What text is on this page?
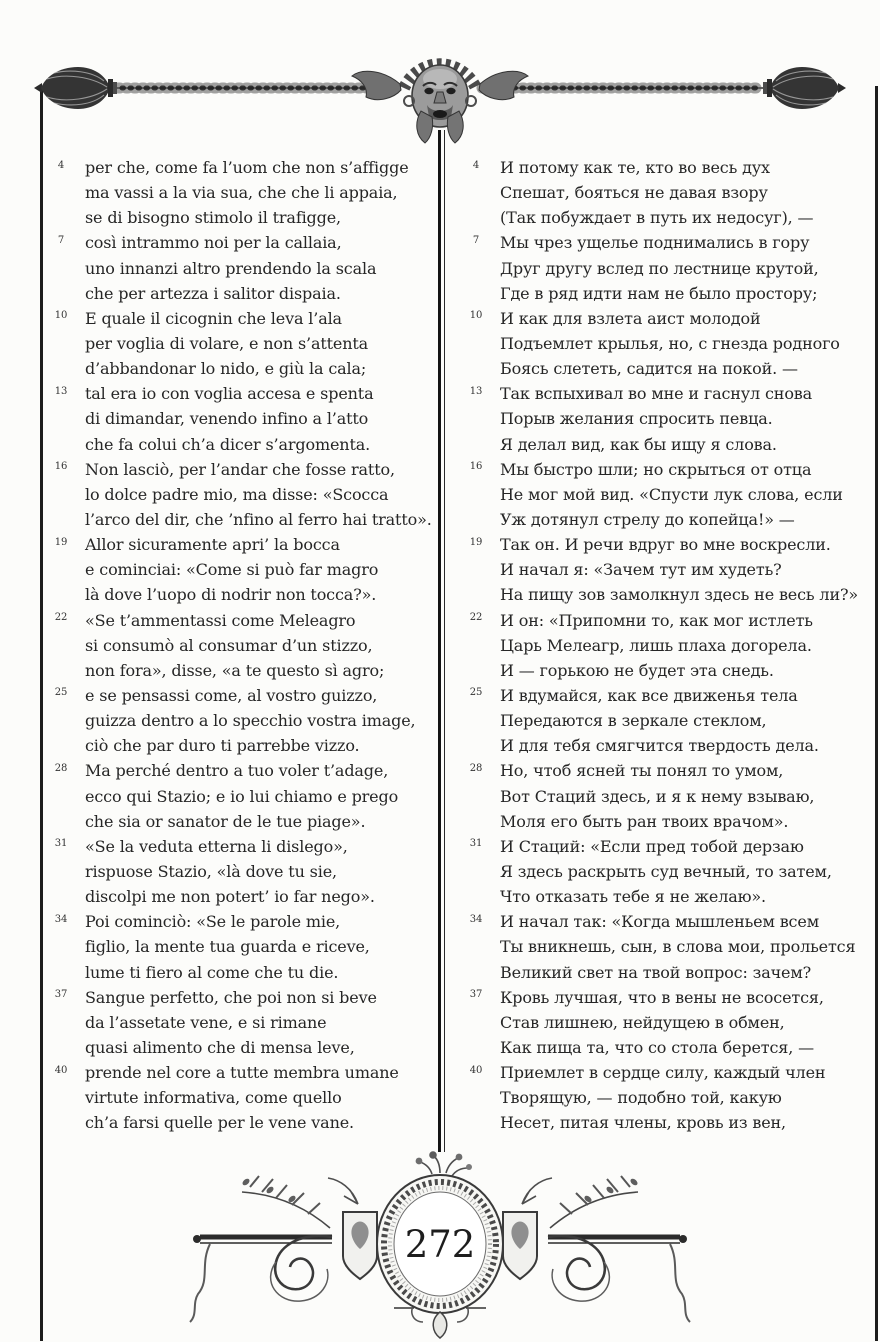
4	per che, come fa l’uom che non s’affigge
ma vassi a la via sua, che che li appaia,
se di bisogno stimolo il trafigge,
7	così intrammo noi per la callaia,
uno innanzi altro prendendo la scala
che per artezza i salitor dispaia.
10	E quale il cicognin che leva l’ala
per voglia di volare, e non s’attenta
d’abbandonar lo nido, e giù la cala;
13	tal era io con voglia accesa e spenta
di dimandar, venendo infino a l’atto
che fa colui ch’a dicer s’argomenta.
16	Non lasciò, per l’andar che fosse ratto,
lo dolce padre mio, ma disse: «Scocca
l’arco del dir, che ’nfino al ferro hai tratto».
19	Allor sicuramente apri’ la bocca
e cominciai: «Come si può far magro
là dove l’uopo di nodrir non tocca?».
22	«Se t’ammentassi come Meleagro
si consumò al consumar d’un stizzo,
non fora», disse, «a te questo sì agro;
25	e se pensassi come, al vostro guizzo,
guizza dentro a lo specchio vostra image,
ciò che par duro ti parrebbe vizzo.
28	Ma perché dentro a tuo voler t’adage,
ecco qui Stazio; e io lui chiamo e prego
che sia or sanator de le tue piage».
31	«Se la veduta etterna li dislego»,
rispuose Stazio, «là dove tu sie,
discolpi me non potert’ io far nego».
34	Poi cominciò: «Se le parole mie,
figlio, la mente tua guarda e riceve,
lume ti fiero al come che tu die.
37	Sangue perfetto, che poi non si beve
da l’assetate vene, e si rimane
quasi alimento che di mensa leve,
40	prende nel core a tutte membra umane
virtute informativa, come quello
ch’a farsi quelle per le vene vane.
4	И потому как те, кто во весь дух
Спешат, бояться не давая взору
(Так побуждает в путь их недосуг), —
7	Мы чрез ущелье поднимались в гору
Друг другу вслед по лестнице крутой,
Где в ряд идти нам не было простору;
10	И как для взлета аист молодой
Подъемлет крылья, но, с гнезда родного
Боясь слететь, садится на покой. —
13	Так вспыхивал во мне и гаснул снова
Порыв желания спросить певца.
Я делал вид, как бы ищу я слова.
16	Мы быстро шли; но скрыться от отца
Не мог мой вид. «Спусти лук слова, если
Уж дотянул стрелу до копейца!» —
19	Так он. И речи вдруг во мне воскресли.
И начал я: «Зачем тут им худеть?
На пищу зов замолкнул здесь не весь ли?»
22	И он: «Припомни то, как мог истлеть
Царь Мелеагр, лишь плаха догорела.
И — горькою не будет эта снедь.
25	И вдумайся, как все движенья тела
Передаются в зеркале стеклом,
И для тебя смягчится твердость дела.
28	Но, чтоб ясней ты понял то умом,
Вот Стаций здесь, и я к нему взываю,
Моля его быть ран твоих врачом».
31	И Стаций: «Если пред тобой дерзаю
Я здесь раскрыть суд вечный, то затем,
Что отказать тебе я не желаю».
34	И начал так: «Когда мышленьем всем
Ты вникнешь, сын, в слова мои, прольется
Великий свет на твой вопрос: зачем?
37	Кровь лучшая, что в вены не всосется,
Став лишнею, нейдущею в обмен,
Как пища та, что со стола берется, —
40	Приемлет в сердце силу, каждый член
Творящую, — подобно той, какую
Несет, питая члены, кровь из вен,
272
